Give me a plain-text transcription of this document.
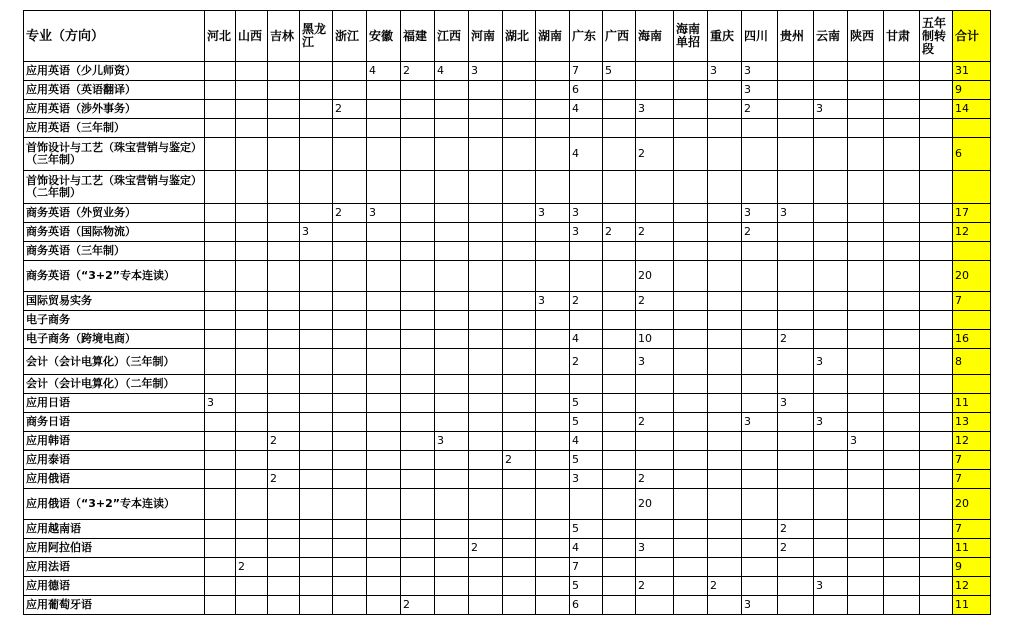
专业（方向）	河北	山西	吉林	黑龙江	浙江	安徽	福建	江西	河南	湖北	湖南	广东	广西	海南	海南单招	重庆	四川	贵州	云南	陕西	甘肃	五年制转段	合计
应用英语（少儿师资）						4	2	4	3			7	5			3	3						31
应用英语（英语翻译）												6					3						9
应用英语（涉外事务）					2							4		3			2		3				14
应用英语（三年制）																							
首饰设计与工艺（珠宝营销与鉴定）（三年制）												4		2									6
首饰设计与工艺（珠宝营销与鉴定）（二年制）																							
商务英语（外贸业务）					2	3					3	3					3	3					17
商务英语（国际物流）				3								3	2	2			2						12
商务英语（三年制）																							
商务英语（“3+2”专本连读）														20									20
国际贸易实务											3	2		2									7
电子商务																							
电子商务（跨境电商）												4		10				2					16
会计（会计电算化）（三年制）												2		3					3				8
会计（会计电算化）（二年制）																							
应用日语	3											5						3					11
商务日语												5		2			3		3				13
应用韩语			2					3				4								3			12
应用泰语										2		5											7
应用俄语			2									3		2									7
应用俄语（“3+2”专本连读）														20									20
应用越南语												5						2					7
应用阿拉伯语									2			4		3				2					11
应用法语		2										7											9
应用德语												5		2		2			3				12
应用葡萄牙语							2					6					3						11
